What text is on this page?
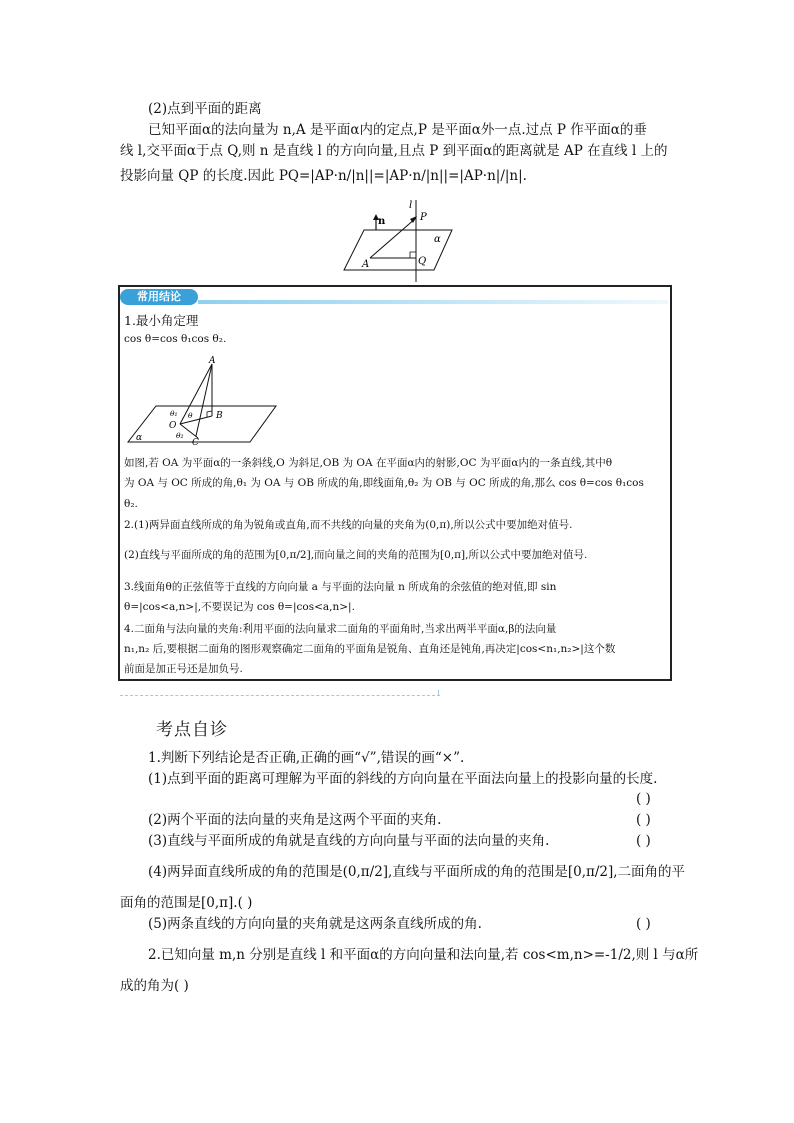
(2)点到平面的距离
已知平面α的法向量为 n,A 是平面α内的定点,P 是平面α外一点.过点 P 作平面α的垂
线 l,交平面α于点 Q,则 n 是直线 l 的方向向量,且点 P 到平面α的距离就是 AP 在直线 l 上的
投影向量 QP 的长度.因此 PQ=|AP·n/|n||=|AP·n/|n||=|AP·n|/|n|.
l
n	P
α
A	Q
常用结论
1.最小角定理
cos θ=cos θ₁cos θ₂.
A
B
O
C
θ
θ₁
θ₂
α
如图,若 OA 为平面α的一条斜线,O 为斜足,OB 为 OA 在平面α内的射影,OC 为平面α内的一条直线,其中θ
为 OA 与 OC 所成的角,θ₁ 为 OA 与 OB 所成的角,即线面角,θ₂ 为 OB 与 OC 所成的角,那么 cos θ=cos θ₁cos
θ₂.
2.(1)两异面直线所成的角为锐角或直角,而不共线的向量的夹角为(0,π),所以公式中要加绝对值号.
(2)直线与平面所成的角的范围为[0,π/2],而向量之间的夹角的范围为[0,π],所以公式中要加绝对值号.
3.线面角θ的正弦值等于直线的方向向量 a 与平面的法向量 n 所成角的余弦值的绝对值,即 sin
θ=|cos<a,n>|,不要误记为 cos θ=|cos<a,n>|.
4.二面角与法向量的夹角:利用平面的法向量求二面角的平面角时,当求出两半平面α,β的法向量
n₁,n₂ 后,要根据二面角的图形观察确定二面角的平面角是锐角、直角还是钝角,再决定|cos<n₁,n₂>|这个数
前面是加正号还是加负号.
考点自诊
1.判断下列结论是否正确,正确的画“√”,错误的画“×”.
(1)点到平面的距离可理解为平面的斜线的方向向量在平面法向量上的投影向量的长度.
( )
(2)两个平面的法向量的夹角是这两个平面的夹角.	( )
(3)直线与平面所成的角就是直线的方向向量与平面的法向量的夹角.	( )
(4)两异面直线所成的角的范围是(0,π/2],直线与平面所成的角的范围是[0,π/2],二面角的平
面角的范围是[0,π].( )
(5)两条直线的方向向量的夹角就是这两条直线所成的角.	( )
2.已知向量 m,n 分别是直线 l 和平面α的方向向量和法向量,若 cos<m,n>=-1/2,则 l 与α所
成的角为( )
